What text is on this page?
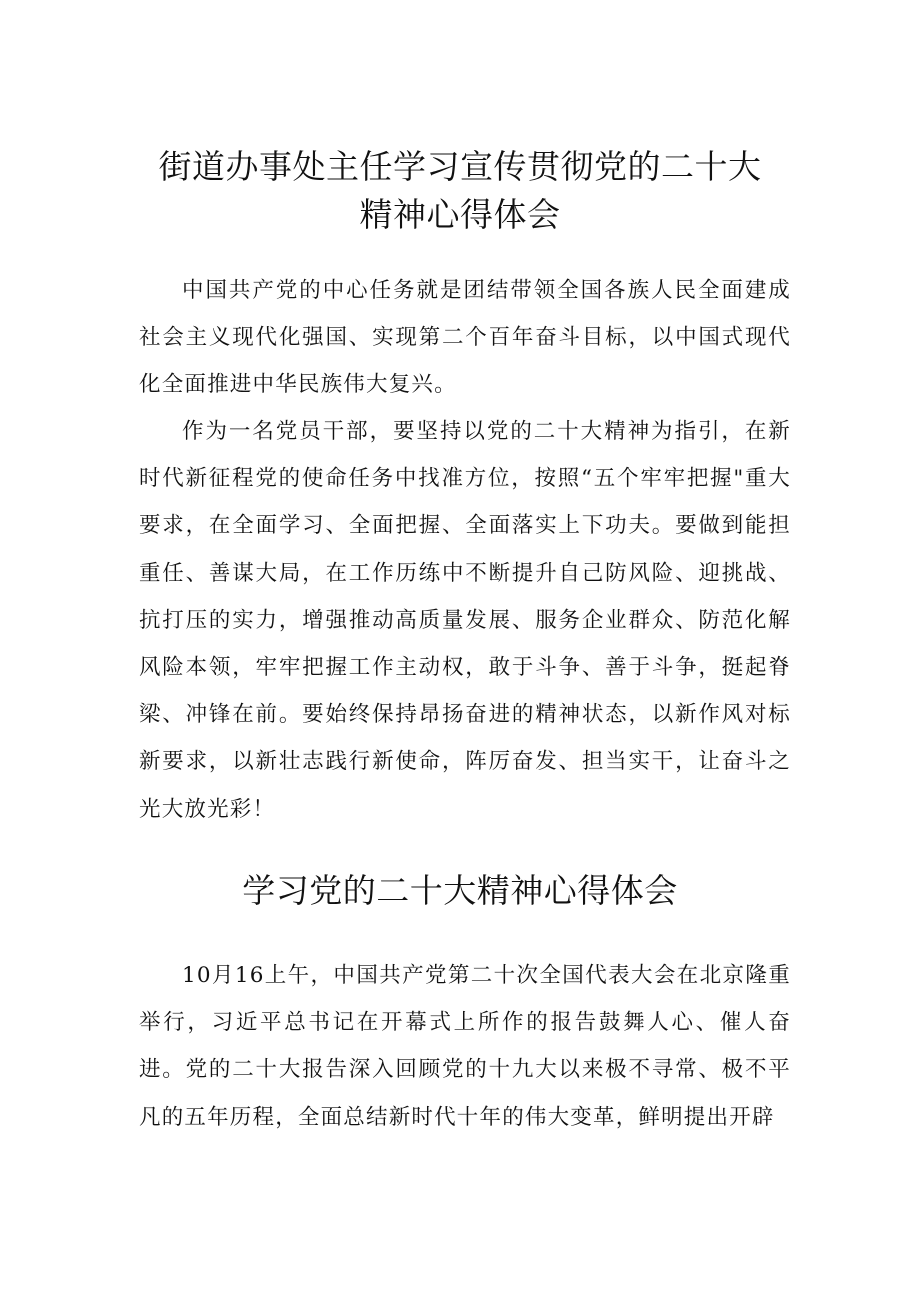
街道办事处主任学习宣传贯彻党的二十大
精神心得体会

中国共产党的中心任务就是团结带领全国各族人民全面建成社会主义现代化强国、实现第二个百年奋斗目标，以中国式现代化全面推进中华民族伟大复兴。

作为一名党员干部，要坚持以党的二十大精神为指引，在新时代新征程党的使命任务中找准方位，按照“五个牢牢把握"重大要求，在全面学习、全面把握、全面落实上下功夫。要做到能担重任、善谋大局，在工作历练中不断提升自己防风险、迎挑战、抗打压的实力，增强推动高质量发展、服务企业群众、防范化解风险本领，牢牢把握工作主动权，敢于斗争、善于斗争，挺起脊梁、冲锋在前。要始终保持昂扬奋进的精神状态，以新作风对标新要求，以新壮志践行新使命，阵厉奋发、担当实干，让奋斗之光大放光彩！

学习党的二十大精神心得体会

10月16上午，中国共产党第二十次全国代表大会在北京隆重举行，习近平总书记在开幕式上所作的报告鼓舞人心、催人奋进。党的二十大报告深入回顾党的十九大以来极不寻常、极不平凡的五年历程，全面总结新时代十年的伟大变革，鲜明提出开辟
